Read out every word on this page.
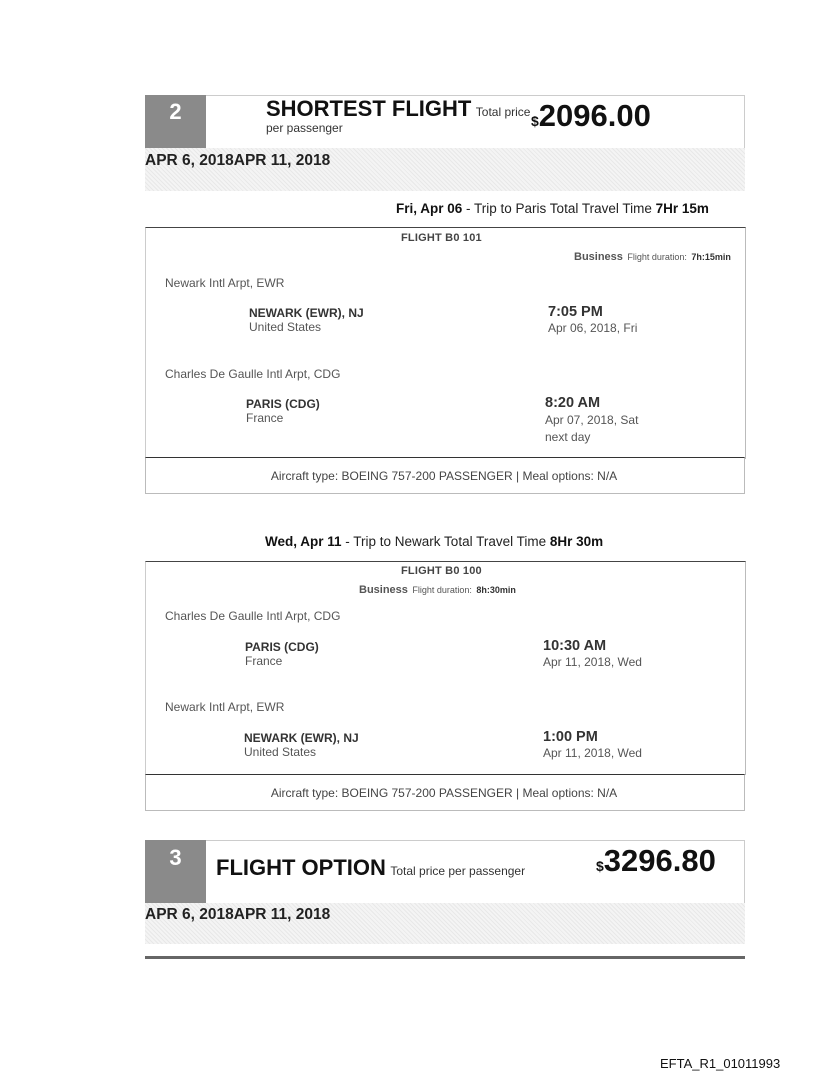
2	SHORTEST FLIGHT Total price
per passenger	$2096.00
APR 6, 2018APR 11, 2018
Fri, Apr 06 - Trip to Paris Total Travel Time 7Hr 15m
FLIGHT B0 101
Business Flight duration: 7h:15min
Newark Intl Arpt, EWR
NEWARK (EWR), NJ
United States
7:05 PM
Apr 06, 2018, Fri
Charles De Gaulle Intl Arpt, CDG
PARIS (CDG)
France
8:20 AM
Apr 07, 2018, Sat
next day
Aircraft type: BOEING 757-200 PASSENGER | Meal options: N/A
Wed, Apr 11 - Trip to Newark Total Travel Time 8Hr 30m
FLIGHT B0 100
Business Flight duration: 8h:30min
Charles De Gaulle Intl Arpt, CDG
PARIS (CDG)
France
10:30 AM
Apr 11, 2018, Wed
Newark Intl Arpt, EWR
NEWARK (EWR), NJ
United States
1:00 PM
Apr 11, 2018, Wed
Aircraft type: BOEING 757-200 PASSENGER | Meal options: N/A
3	FLIGHT OPTION Total price per passenger	$3296.80
APR 6, 2018APR 11, 2018
EFTA_R1_01011993
